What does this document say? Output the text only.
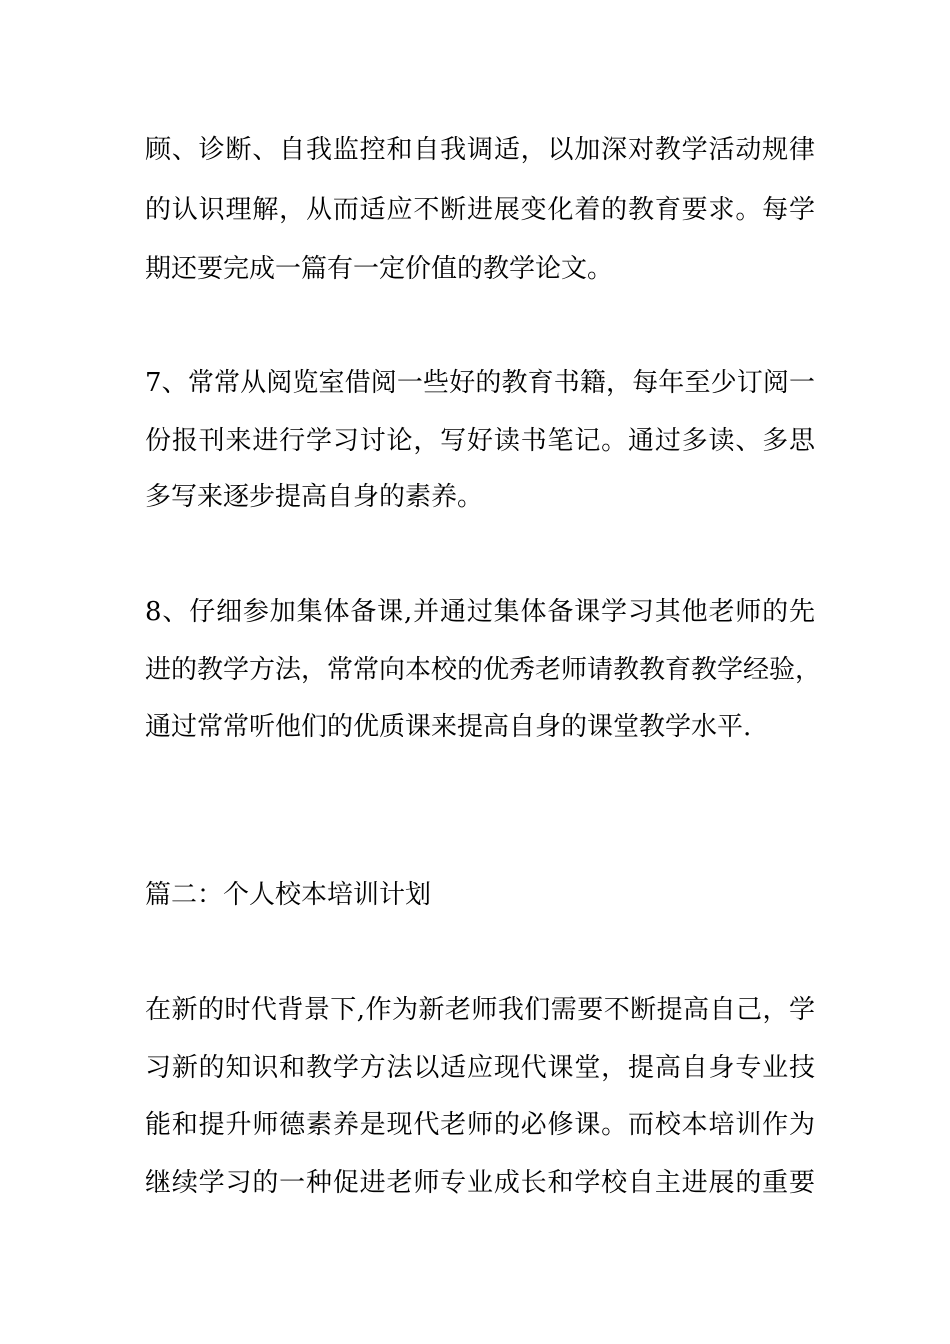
顾、诊断、自我监控和自我调适，以加深对教学活动规律
的认识理解，从而适应不断进展变化着的教育要求。每学
期还要完成一篇有一定价值的教学论文。
7、常常从阅览室借阅一些好的教育书籍，每年至少订阅一
份报刊来进行学习讨论，写好读书笔记。通过多读、多思
多写来逐步提高自身的素养。
8、仔细参加集体备课,并通过集体备课学习其他老师的先
进的教学方法，常常向本校的优秀老师请教教育教学经验，
通过常常听他们的优质课来提高自身的课堂教学水平.
篇二：个人校本培训计划
在新的时代背景下,作为新老师我们需要不断提高自己，学
习新的知识和教学方法以适应现代课堂，提高自身专业技
能和提升师德素养是现代老师的必修课。而校本培训作为
继续学习的一种促进老师专业成长和学校自主进展的重要
